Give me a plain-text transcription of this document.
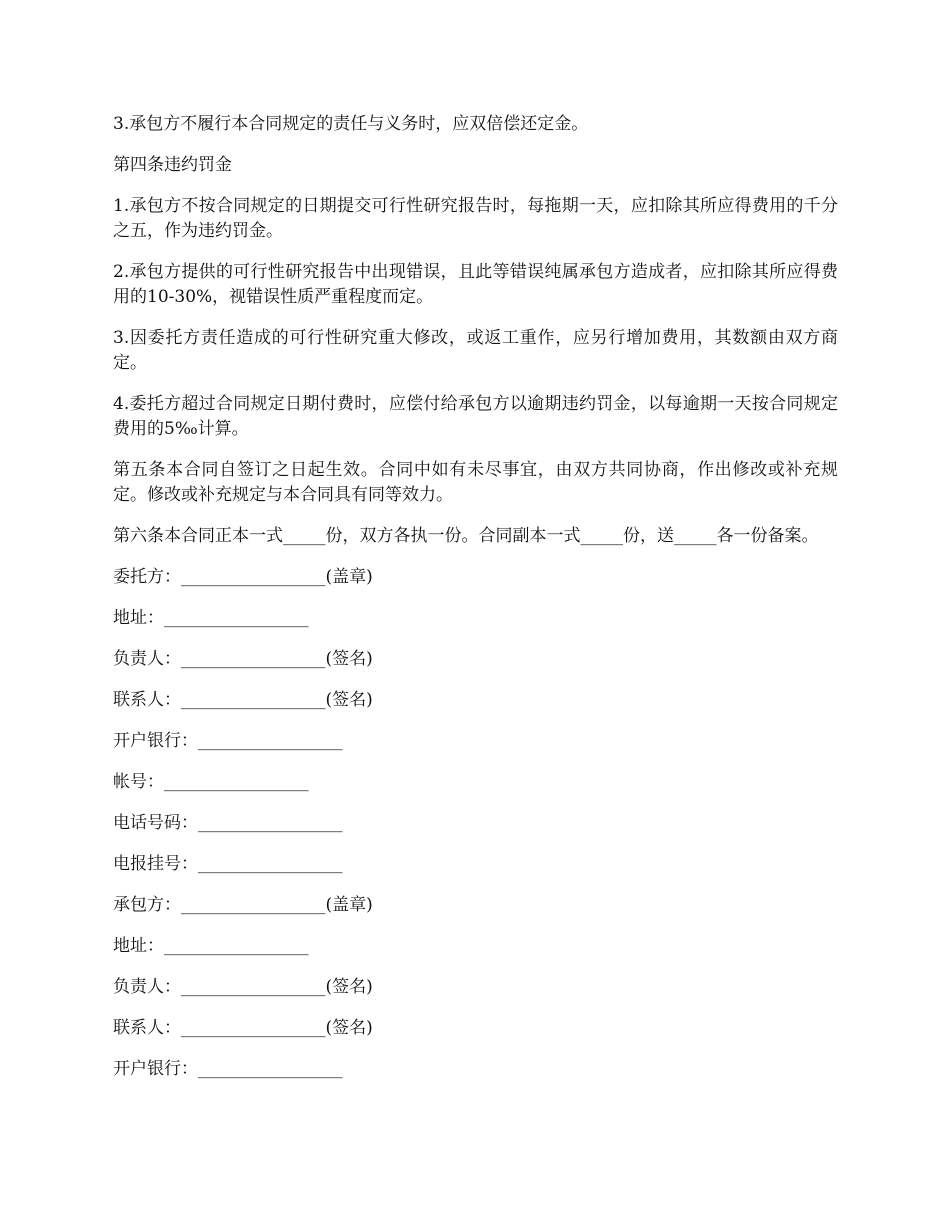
3.承包方不履行本合同规定的责任与义务时，应双倍偿还定金。

第四条违约罚金

1.承包方不按合同规定的日期提交可行性研究报告时，每拖期一天，应扣除其所应得费用的千分之五，作为违约罚金。

2.承包方提供的可行性研究报告中出现错误，且此等错误纯属承包方造成者，应扣除其所应得费用的10-30%，视错误性质严重程度而定。

3.因委托方责任造成的可行性研究重大修改，或返工重作，应另行增加费用，其数额由双方商定。

4.委托方超过合同规定日期付费时，应偿付给承包方以逾期违约罚金，以每逾期一天按合同规定费用的5‰计算。

第五条本合同自签订之日起生效。合同中如有未尽事宜，由双方共同协商，作出修改或补充规定。修改或补充规定与本合同具有同等效力。

第六条本合同正本一式_____份，双方各执一份。合同副本一式_____份，送_____各一份备案。

委托方：_________________(盖章)

地址：_________________

负责人：_________________(签名)

联系人：_________________(签名)

开户银行：_________________

帐号：_________________

电话号码：_________________

电报挂号：_________________

承包方：_________________(盖章)

地址：_________________

负责人：_________________(签名)

联系人：_________________(签名)

开户银行：_________________
